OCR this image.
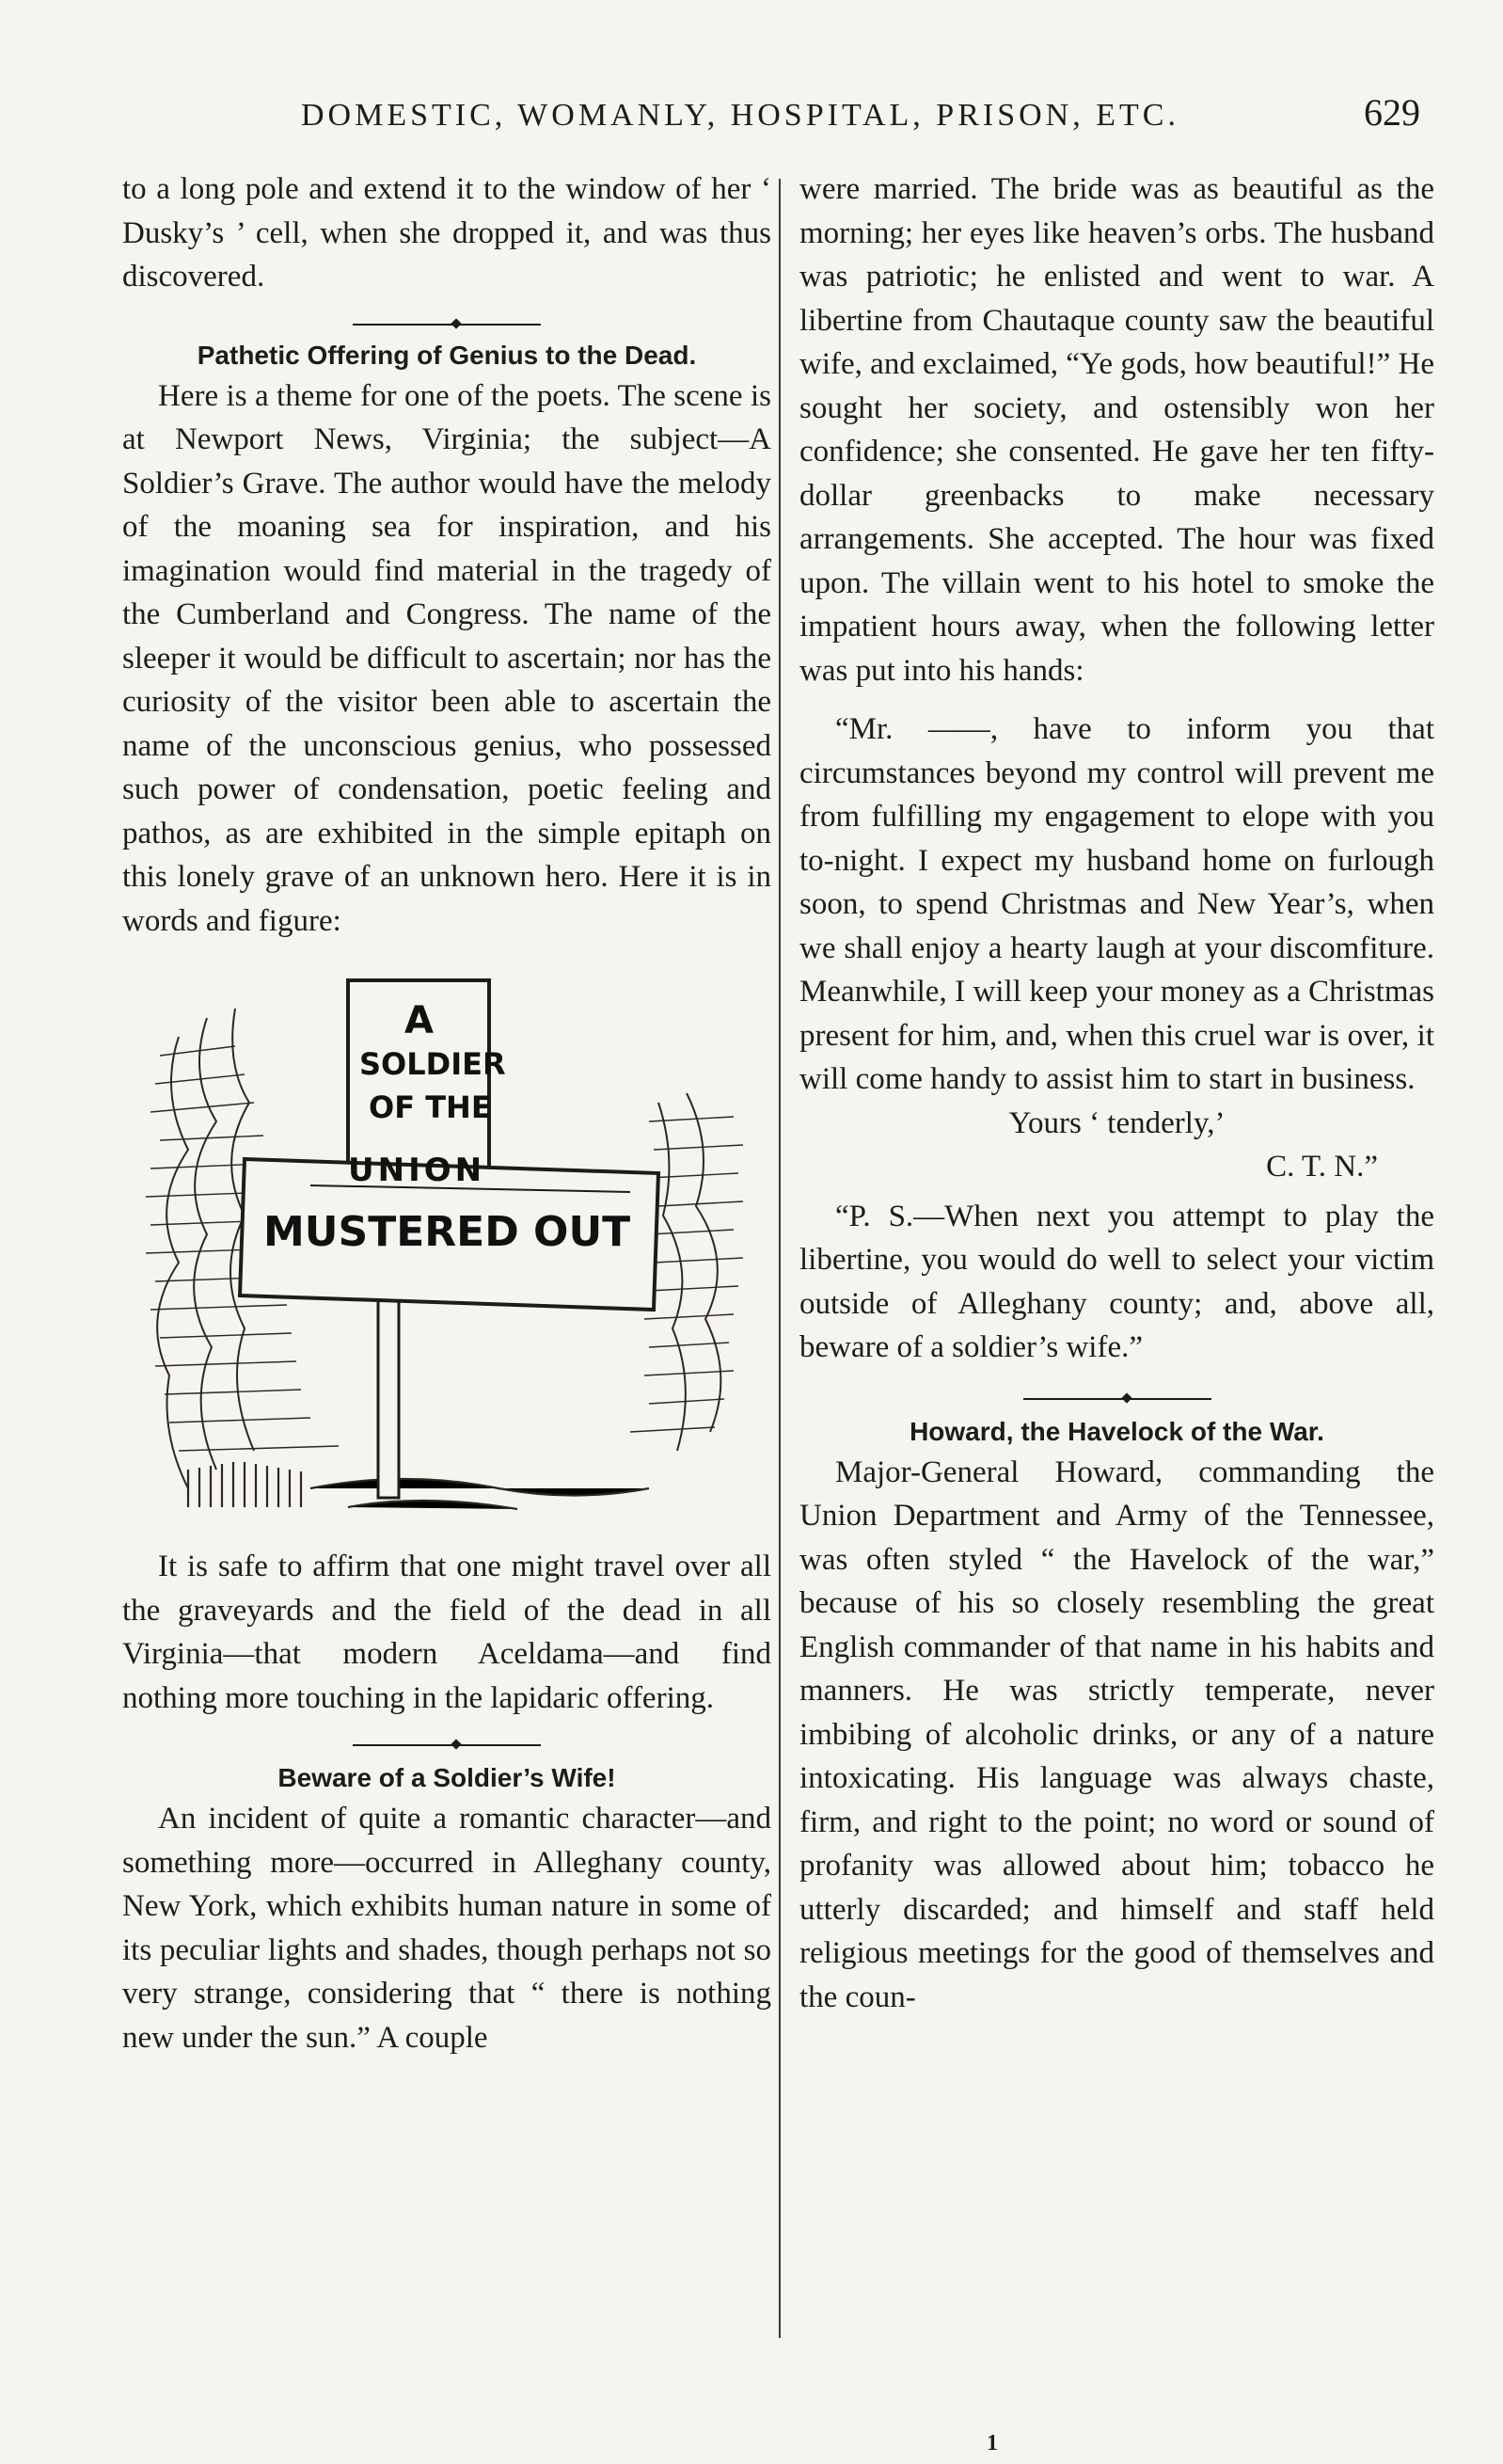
DOMESTIC, WOMANLY, HOSPITAL, PRISON, ETC.	629

to a long pole and extend it to the window of her ‘ Dusky’s ’ cell, when she dropped it, and was thus discovered.

Pathetic Offering of Genius to the Dead.

Here is a theme for one of the poets. The scene is at Newport News, Virginia; the subject—A Soldier’s Grave. The author would have the melody of the moaning sea for inspiration, and his imagination would find material in the tragedy of the Cumberland and Congress. The name of the sleeper it would be difficult to ascertain; nor has the curiosity of the visitor been able to ascertain the name of the unconscious genius, who possessed such power of condensation, poetic feeling and pathos, as are exhibited in the simple epitaph on this lonely grave of an unknown hero. Here it is in words and figure:

A
SOLDIER
OF THE
UNION
MUSTERED OUT

It is safe to affirm that one might travel over all the graveyards and the field of the dead in all Virginia—that modern Aceldama—and find nothing more touching in the lapidaric offering.

Beware of a Soldier’s Wife!

An incident of quite a romantic character—and something more—occurred in Alleghany county, New York, which exhibits human nature in some of its peculiar lights and shades, though perhaps not so very strange, considering that “ there is nothing new under the sun.” A couple

were married. The bride was as beautiful as the morning; her eyes like heaven’s orbs. The husband was patriotic; he enlisted and went to war. A libertine from Chautaque county saw the beautiful wife, and exclaimed, “Ye gods, how beautiful!” He sought her society, and ostensibly won her confidence; she consented. He gave her ten fifty-dollar greenbacks to make necessary arrangements. She accepted. The hour was fixed upon. The villain went to his hotel to smoke the impatient hours away, when the following letter was put into his hands:

“Mr. ——, have to inform you that circumstances beyond my control will prevent me from fulfilling my engagement to elope with you to-night. I expect my husband home on furlough soon, to spend Christmas and New Year’s, when we shall enjoy a hearty laugh at your discomfiture. Meanwhile, I will keep your money as a Christmas present for him, and, when this cruel war is over, it will come handy to assist him to start in business.

Yours ‘ tenderly,’

C. T. N.”

“P. S.—When next you attempt to play the libertine, you would do well to select your victim outside of Alleghany county; and, above all, beware of a soldier’s wife.”

Howard, the Havelock of the War.

Major-General Howard, commanding the Union Department and Army of the Tennessee, was often styled “ the Havelock of the war,” because of his so closely resembling the great English commander of that name in his habits and manners. He was strictly temperate, never imbibing of alcoholic drinks, or any of a nature intoxicating. His language was always chaste, firm, and right to the point; no word or sound of profanity was allowed about him; tobacco he utterly discarded; and himself and staff held religious meetings for the good of themselves and the coun-

1
